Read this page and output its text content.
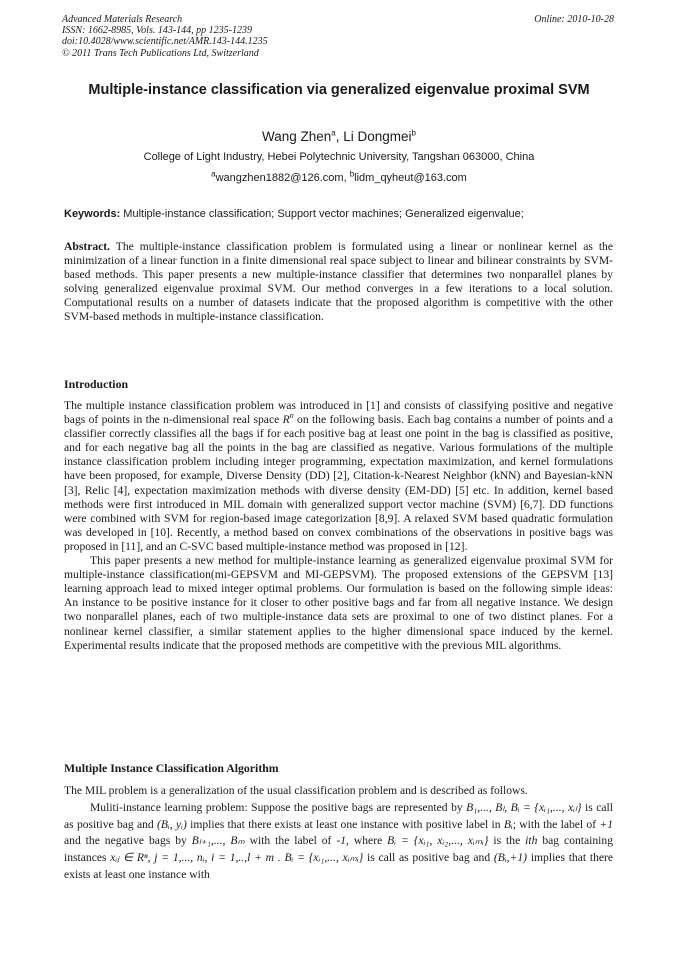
Advanced Materials Research
ISSN: 1662-8985, Vols. 143-144, pp 1235-1239
doi:10.4028/www.scientific.net/AMR.143-144.1235
© 2011 Trans Tech Publications Ltd, Switzerland
Online: 2010-10-28
Multiple-instance classification via generalized eigenvalue proximal SVM
Wang Zhen$^a$, Li Dongmei$^b$
College of Light Industry, Hebei Polytechnic University, Tangshan 063000, China
$^a$wangzhen1882@126.com, $^b$lidm_qyheut@163.com
Keywords: Multiple-instance classification; Support vector machines; Generalized eigenvalue;
Abstract. The multiple-instance classification problem is formulated using a linear or nonlinear kernel as the minimization of a linear function in a finite dimensional real space subject to linear and bilinear constraints by SVM-based methods. This paper presents a new multiple-instance classifier that determines two nonparallel planes by solving generalized eigenvalue proximal SVM. Our method converges in a few iterations to a local solution. Computational results on a number of datasets indicate that the proposed algorithm is competitive with the other SVM-based methods in multiple-instance classification.
Introduction

The multiple instance classification problem was introduced in [1] and consists of classifying positive and negative bags of points in the n-dimensional real space $R^n$ on the following basis. Each bag contains a number of points and a classifier correctly classifies all the bags if for each positive bag at least one point in the bag is classified as positive, and for each negative bag all the points in the bag are classified as negative. Various formulations of the multiple instance classification problem including integer programming, expectation maximization, and kernel formulations have been proposed, for example, Diverse Density (DD) [2], Citation-k-Nearest Neighbor (kNN) and Bayesian-kNN [3], Relic [4], expectation maximization methods with diverse density (EM-DD) [5] etc. In addition, kernel based methods were first introduced in MIL domain with generalized support vector machine (SVM) [6,7]. DD functions were combined with SVM for region-based image categorization [8,9]. A relaxed SVM based quadratic formulation was developed in [10]. Recently, a method based on convex combinations of the observations in positive bags was proposed in [11], and an C-SVC based multiple-instance method was proposed in [12].

This paper presents a new method for multiple-instance learning as generalized eigenvalue proximal SVM for multiple-instance classification(mi-GEPSVM and MI-GEPSVM). The proposed extensions of the GEPSVM [13] learning approach lead to mixed integer optimal problems. Our formulation is based on the following simple ideas: An instance to be positive instance for it closer to other positive bags and far from all negative instance. We design two nonparallel planes, each of two multiple-instance data sets are proximal to one of two distinct planes. For a nonlinear kernel classifier, a similar statement applies to the higher dimensional space induced by the kernel. Experimental results indicate that the proposed methods are competitive with the previous MIL algorithms.

Multiple Instance Classification Algorithm

The MIL problem is a generalization of the usual classification problem and is described as follows.

Muliti-instance learning problem: Suppose the positive bags are represented by B₁,..., Bₗ, Bᵢ = {xᵢ₁,..., xᵢₗ} is call as positive bag and (Bᵢ, yᵢ) implies that there exists at least one instance with positive label in Bᵢ; with the label of +1 and the negative bags by Bₗ₊₁,..., Bₘ with the label of -1, where Bᵢ = {xᵢ₁, xᵢ₂,..., xᵢₘᵢ} is the ith bag containing instances xᵢⱼ ∈ Rⁿ, j = 1,..., nᵢ, i = 1,..,l + m . Bᵢ = {xᵢ₁,..., xᵢₘᵢ} is call as positive bag and (Bᵢ,+1) implies that there exists at least one instance with
